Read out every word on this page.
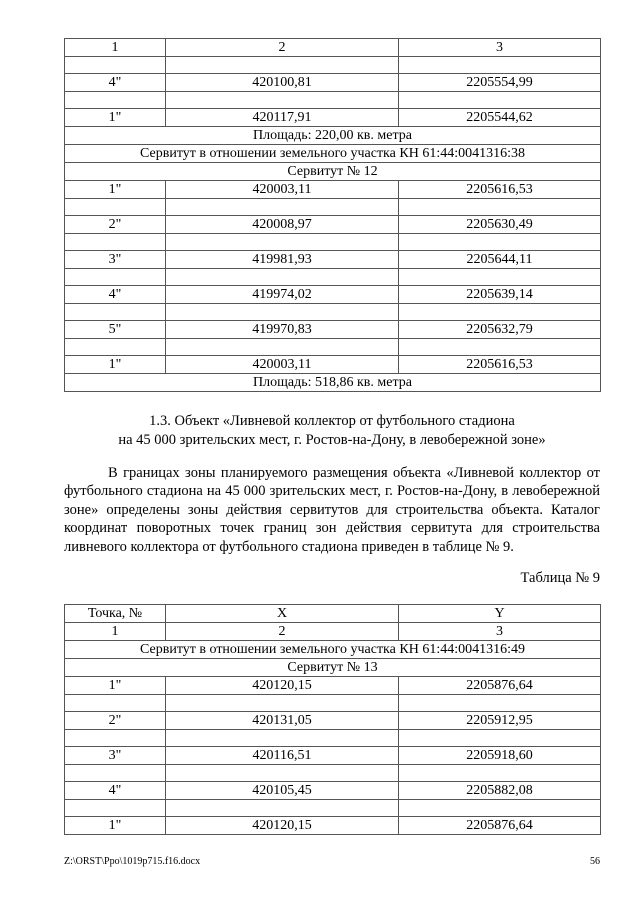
1	2	3

4"	420100,81	2205554,99

1"	420117,91	2205544,62
Площадь: 220,00 кв. метра		
Сервитут в отношении земельного участка КН 61:44:0041316:38		
Сервитут № 12		
1"	420003,11	2205616,53

2"	420008,97	2205630,49

3"	419981,93	2205644,11

4"	419974,02	2205639,14

5"	419970,83	2205632,79

1"	420003,11	2205616,53
Площадь: 518,86 кв. метра		
1.3. Объект «Ливневой коллектор от футбольного стадиона
на 45 000 зрительских мест, г. Ростов-на-Дону, в левобережной зоне»

В границах зоны планируемого размещения объекта «Ливневой коллектор от футбольного стадиона на 45 000 зрительских мест, г. Ростов-на-Дону, в левобережной зоне» определены зоны действия сервитутов для строительства объекта. Каталог координат поворотных точек границ зон действия сервитута для строительства ливневого коллектора от футбольного стадиона приведен в таблице № 9.

Таблица № 9
Точка, №	X	Y
1	2	3
Сервитут в отношении земельного участка КН 61:44:0041316:49		
Сервитут № 13		
1"	420120,15	2205876,64

2"	420131,05	2205912,95

3"	420116,51	2205918,60

4"	420105,45	2205882,08

1"	420120,15	2205876,64
Z:\ORST\Ppo\1019p715.f16.docx	56
